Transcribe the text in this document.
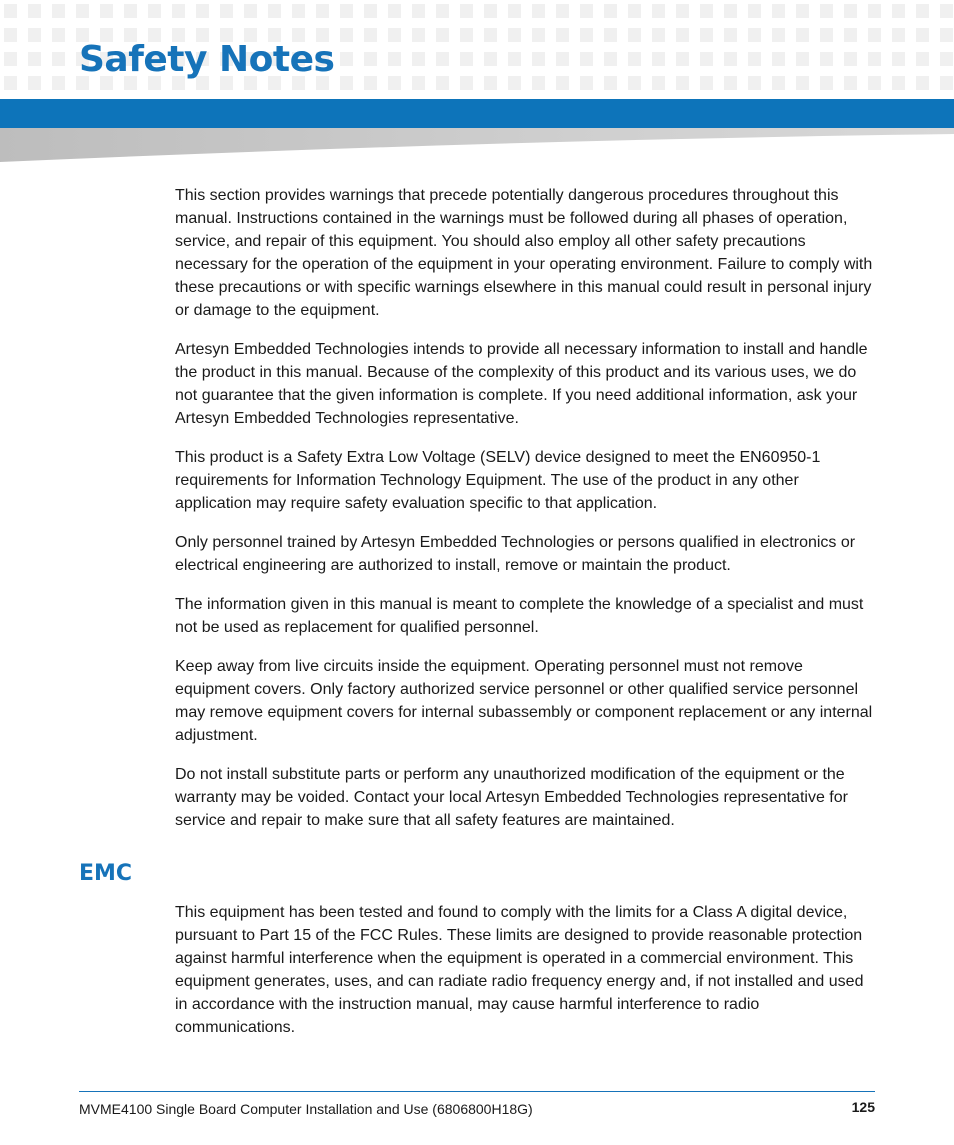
Safety Notes

This section provides warnings that precede potentially dangerous procedures throughout this manual. Instructions contained in the warnings must be followed during all phases of operation, service, and repair of this equipment. You should also employ all other safety precautions necessary for the operation of the equipment in your operating environment. Failure to comply with these precautions or with specific warnings elsewhere in this manual could result in personal injury or damage to the equipment.

Artesyn Embedded Technologies intends to provide all necessary information to install and handle the product in this manual. Because of the complexity of this product and its various uses, we do not guarantee that the given information is complete. If you need additional information, ask your Artesyn Embedded Technologies representative.

This product is a Safety Extra Low Voltage (SELV) device designed to meet the EN60950-1 requirements for Information Technology Equipment. The use of the product in any other application may require safety evaluation specific to that application.

Only personnel trained by Artesyn Embedded Technologies or persons qualified in electronics or electrical engineering are authorized to install, remove or maintain the product.

The information given in this manual is meant to complete the knowledge of a specialist and must not be used as replacement for qualified personnel.

Keep away from live circuits inside the equipment. Operating personnel must not remove equipment covers. Only factory authorized service personnel or other qualified service personnel may remove equipment covers for internal subassembly or component replacement or any internal adjustment.

Do not install substitute parts or perform any unauthorized modification of the equipment or the warranty may be voided. Contact your local Artesyn Embedded Technologies representative for service and repair to make sure that all safety features are maintained.

EMC

This equipment has been tested and found to comply with the limits for a Class A digital device, pursuant to Part 15 of the FCC Rules. These limits are designed to provide reasonable protection against harmful interference when the equipment is operated in a commercial environment. This equipment generates, uses, and can radiate radio frequency energy and, if not installed and used in accordance with the instruction manual, may cause harmful interference to radio communications.

MVME4100 Single Board Computer Installation and Use (6806800H18G)	125
